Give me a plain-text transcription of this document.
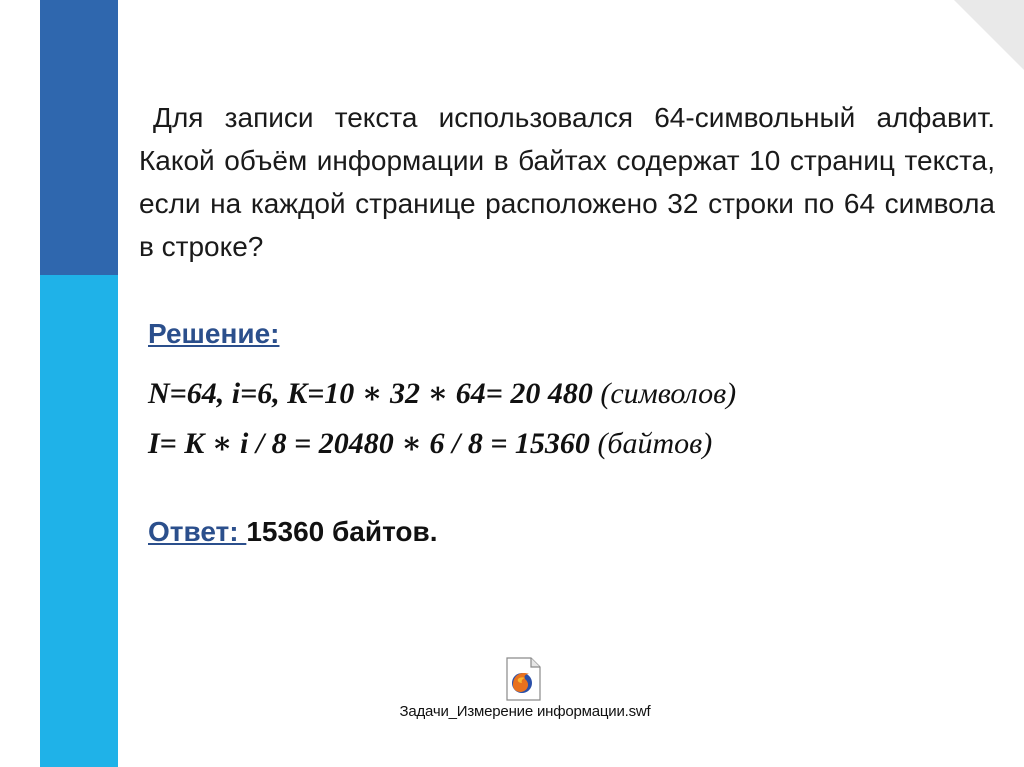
Для записи текста использовался 64-символьный алфавит. Какой объём информации в байтах содержат 10 страниц текста, если на каждой странице расположено 32 строки по 64 символа в строке?
Решение:
N=64, i=6, K=10 ∗ 32 ∗ 64= 20 480 (символов)
I= K ∗ i / 8 = 20480 ∗ 6 / 8 = 15360 (байтов)
Ответ: 15360 байтов.
Задачи_Измерение информации.swf
